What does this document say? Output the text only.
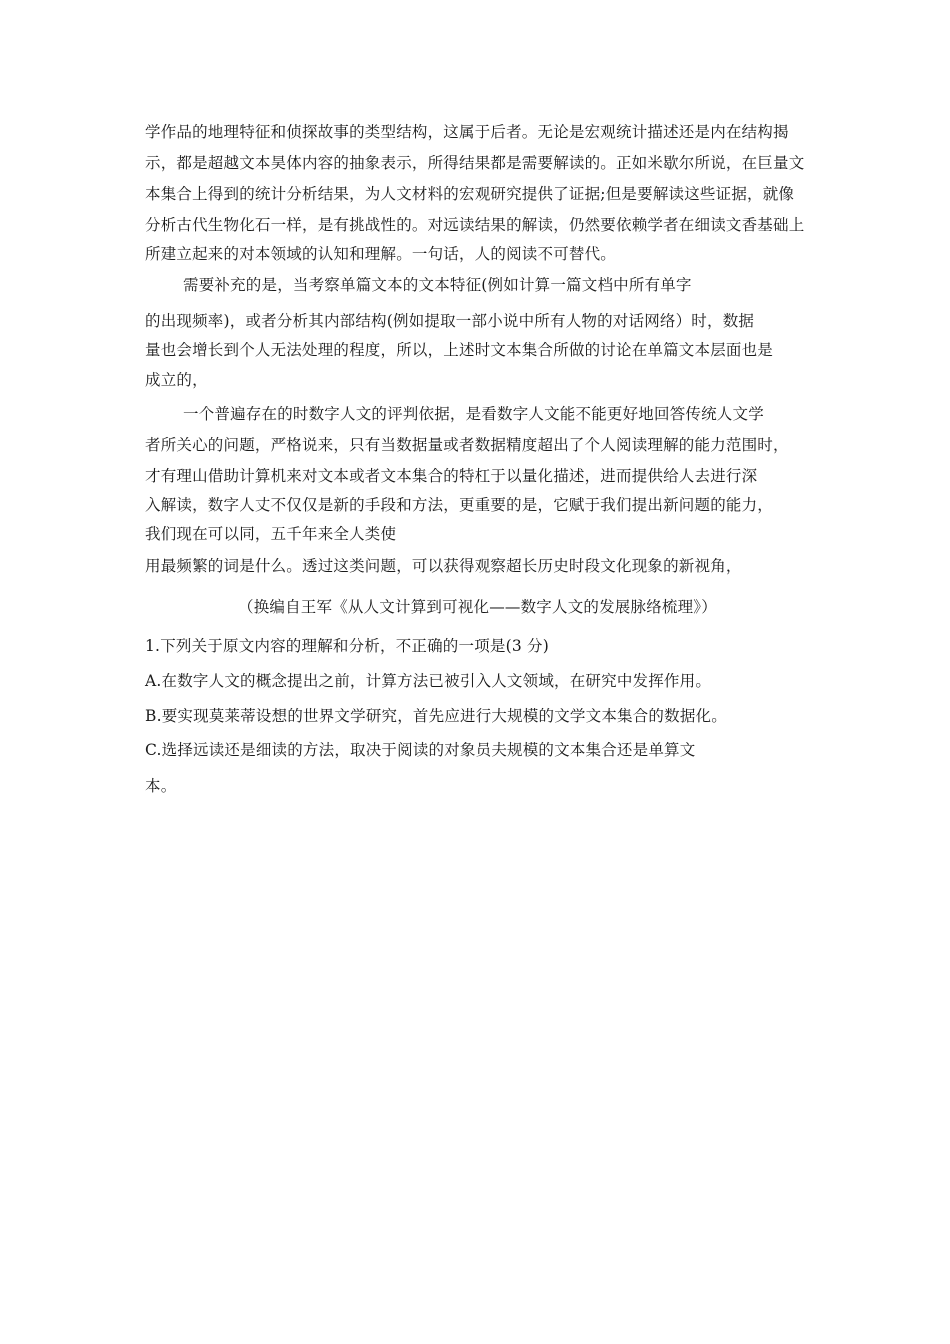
学作品的地理特征和侦探故事的类型结构，这属于后者。无论是宏观统计描述还是内在结构揭
示，都是超越文本昊体内容的抽象表示，所得结果都是需要解读的。正如米歇尔所说，在巨量文
本集合上得到的统计分析结果，为人文材料的宏观研究提供了证据;但是要解读这些证据，就像
分析古代生物化石一样，是有挑战性的。对远读结果的解读，仍然要依赖学者在细读文香基础上
所建立起来的对本领域的认知和理解。一句话，人的阅读不可替代。
需要补充的是，当考察单篇文本的文本特征(例如计算一篇文档中所有单字
的出现频率)，或者分析其内部结构(例如提取一部小说中所有人物的对话网络）时，数据
量也会增长到个人无法处理的程度，所以，上述时文本集合所做的讨论在单篇文本层面也是
成立的，
一个普遍存在的时数字人文的评判依据，是看数字人文能不能更好地回答传统人文学
者所关心的问题，严格说来，只有当数据量或者数据精度超出了个人阅读理解的能力范围时，
才有理山借助计算机来对文本或者文本集合的特杠于以量化描述，进而提供给人去进行深
入解读，数字人丈不仅仅是新的手段和方法，更重要的是，它赋于我们提出新问题的能力，
我们现在可以同，五千年来全人类使
用最频繁的词是什么。透过这类问题，可以获得观察超长历史时段文化现象的新视角，
（换编自王军《从人文计算到可视化——数字人文的发展脉络梳理》）
1.下列关于原文内容的理解和分析，不正确的一项是(3 分)
A.在数字人文的概念提出之前，计算方法已被引入人文领域，在研究中发挥作用。
B.要实现莫莱蒂设想的世界文学研究，首先应进行大规模的文学文本集合的数据化。
C.选择远读还是细读的方法，取决于阅读的对象员夫规模的文本集合还是单算文
本。
